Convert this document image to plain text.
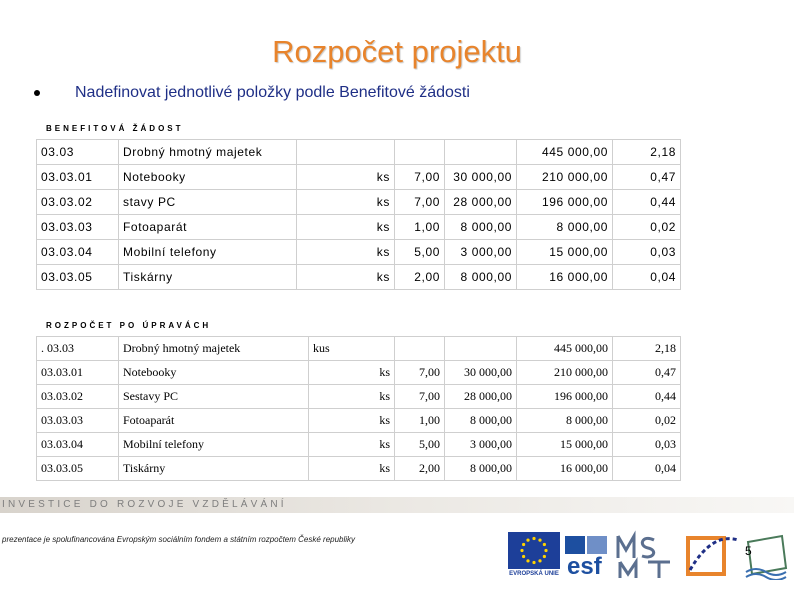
Rozpočet projektu
Nadefinovat jednotlivé položky podle Benefitové žádosti
BENEFITOVÁ ŽÁDOST
03.03	Drobný hmotný majetek				445 000,00	2,18
03.03.01	Notebooky	ks	7,00	30 000,00	210 000,00	0,47
03.03.02	stavy PC	ks	7,00	28 000,00	196 000,00	0,44
03.03.03	Fotoaparát	ks	1,00	8 000,00	8 000,00	0,02
03.03.04	Mobilní telefony	ks	5,00	3 000,00	15 000,00	0,03
03.03.05	Tiskárny	ks	2,00	8 000,00	16 000,00	0,04
ROZPOČET PO ÚPRAVÁCH
. 03.03	Drobný hmotný majetek	kus			445 000,00	2,18
03.03.01	Notebooky	ks	7,00	30 000,00	210 000,00	0,47
03.03.02	Sestavy PC	ks	7,00	28 000,00	196 000,00	0,44
03.03.03	Fotoaparát	ks	1,00	8 000,00	8 000,00	0,02
03.03.04	Mobilní telefony	ks	5,00	3 000,00	15 000,00	0,03
03.03.05	Tiskárny	ks	2,00	8 000,00	16 000,00	0,04
INVESTICE DO ROZVOJE VZDĚLÁVÁNÍ
prezentace je spolufinancována Evropským sociálním fondem a státním rozpočtem České republiky
EVROPSKÁ UNIE esf
5
